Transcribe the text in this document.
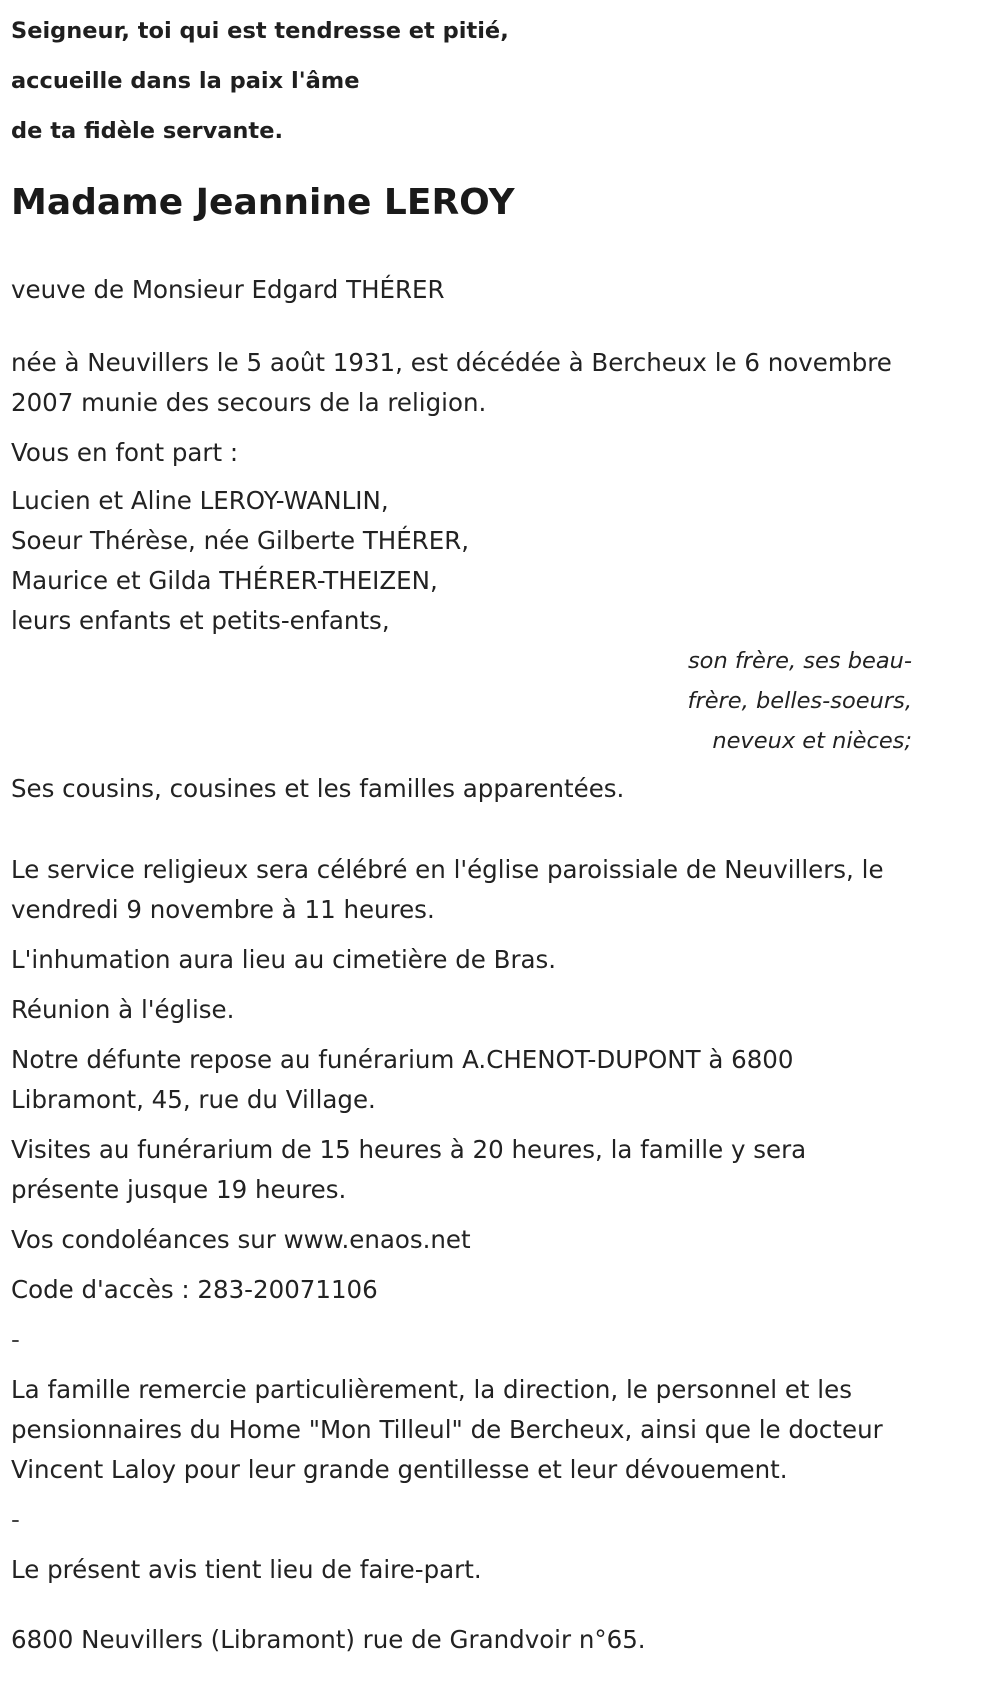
Seigneur, toi qui est tendresse et pitié,

accueille dans la paix l'âme

de ta fidèle servante.

Madame Jeannine LEROY

veuve de Monsieur Edgard THÉRER

née à Neuvillers le 5 août 1931, est décédée à Bercheux le 6 novembre 2007 munie des secours de la religion.

Vous en font part :

Lucien et Aline LEROY-WANLIN,

Soeur Thérèse, née Gilberte THÉRER,

Maurice et Gilda THÉRER-THEIZEN,

leurs enfants et petits-enfants,

son frère, ses beau-frère, belles-soeurs, neveux et nièces;

Ses cousins, cousines et les familles apparentées.

Le service religieux sera célébré en l'église paroissiale de Neuvillers, le vendredi 9 novembre à 11 heures.

L'inhumation aura lieu au cimetière de Bras.

Réunion à l'église.

Notre défunte repose au funérarium A.CHENOT-DUPONT à 6800 Libramont, 45, rue du Village.

Visites au funérarium de 15 heures à 20 heures, la famille y sera présente jusque 19 heures.

Vos condoléances sur www.enaos.net

Code d'accès : 283-20071106

-

La famille remercie particulièrement, la direction, le personnel et les pensionnaires du Home "Mon Tilleul" de Bercheux, ainsi que le docteur Vincent Laloy pour leur grande gentillesse et leur dévouement.

-

Le présent avis tient lieu de faire-part.

6800 Neuvillers (Libramont) rue de Grandvoir n°65.
